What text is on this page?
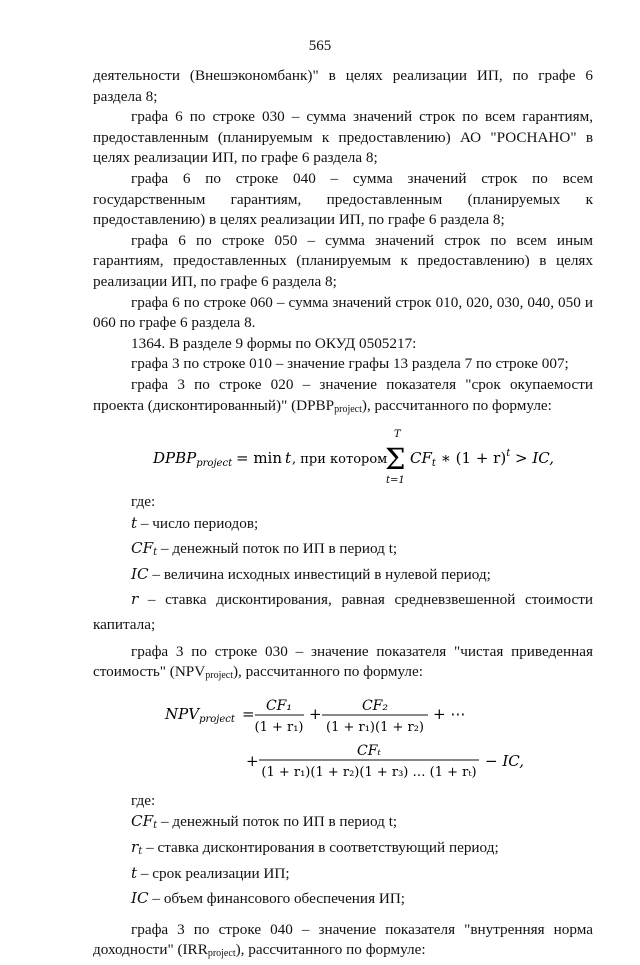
565

деятельности (Внешэкономбанк)" в целях реализации ИП, по графе 6 раздела 8;

графа 6 по строке 030 – сумма значений строк по всем гарантиям, предоставленным (планируемым к предоставлению) АО "РОСНАНО" в целях реализации ИП, по графе 6 раздела 8;

графа 6 по строке 040 – сумма значений строк по всем государственным гарантиям, предоставленным (планируемых к предоставлению) в целях реализации ИП, по графе 6 раздела 8;

графа 6 по строке 050 – сумма значений строк по всем иным гарантиям, предоставленных (планируемым к предоставлению) в целях реализации ИП, по графе 6 раздела 8;

графа 6 по строке 060 – сумма значений строк 010, 020, 030, 040, 050 и 060 по графе 6 раздела 8.

1364. В разделе 9 формы по ОКУД 0505217:

графа 3 по строке 010 – значение графы 13 раздела 7 по строке 007;

графа 3 по строке 020 – значение показателя "срок окупаемости проекта (дисконтированный)" $(DPBP_{project})$, рассчитанного по формуле:

$DPBP_{project} = \min t$ , при котором
T
Σ
t=1
$CF_t$ ∗ $(1 + r)^t$ > IC,

где:

t – число периодов;

$CF_t$ – денежный поток по ИП в период t;

IC – величина исходных инвестиций в нулевой период;

r – ставка дисконтирования, равная средневзвешенной стоимости капитала;

графа 3 по строке 030 – значение показателя "чистая приведенная стоимость" $(NPV_{project})$, рассчитанного по формуле:

$NPV_{project} = CF_1$
(1 + r₁)
+	CF₂
(1 + r₁)(1 + r₂)
+ ⋯
+
CFₜ
(1 + r₁)(1 + r₂)(1 + r₃) … (1 + rₜ)
− IC,

где:

$CF_t$ – денежный поток по ИП в период t;

$r_t$ – ставка дисконтирования в соответствующий период;

t – срок реализации ИП;

IC – объем финансового обеспечения ИП;

графа 3 по строке 040 – значение показателя "внутренняя норма доходности" $(IRR_{project})$, рассчитанного по формуле:
